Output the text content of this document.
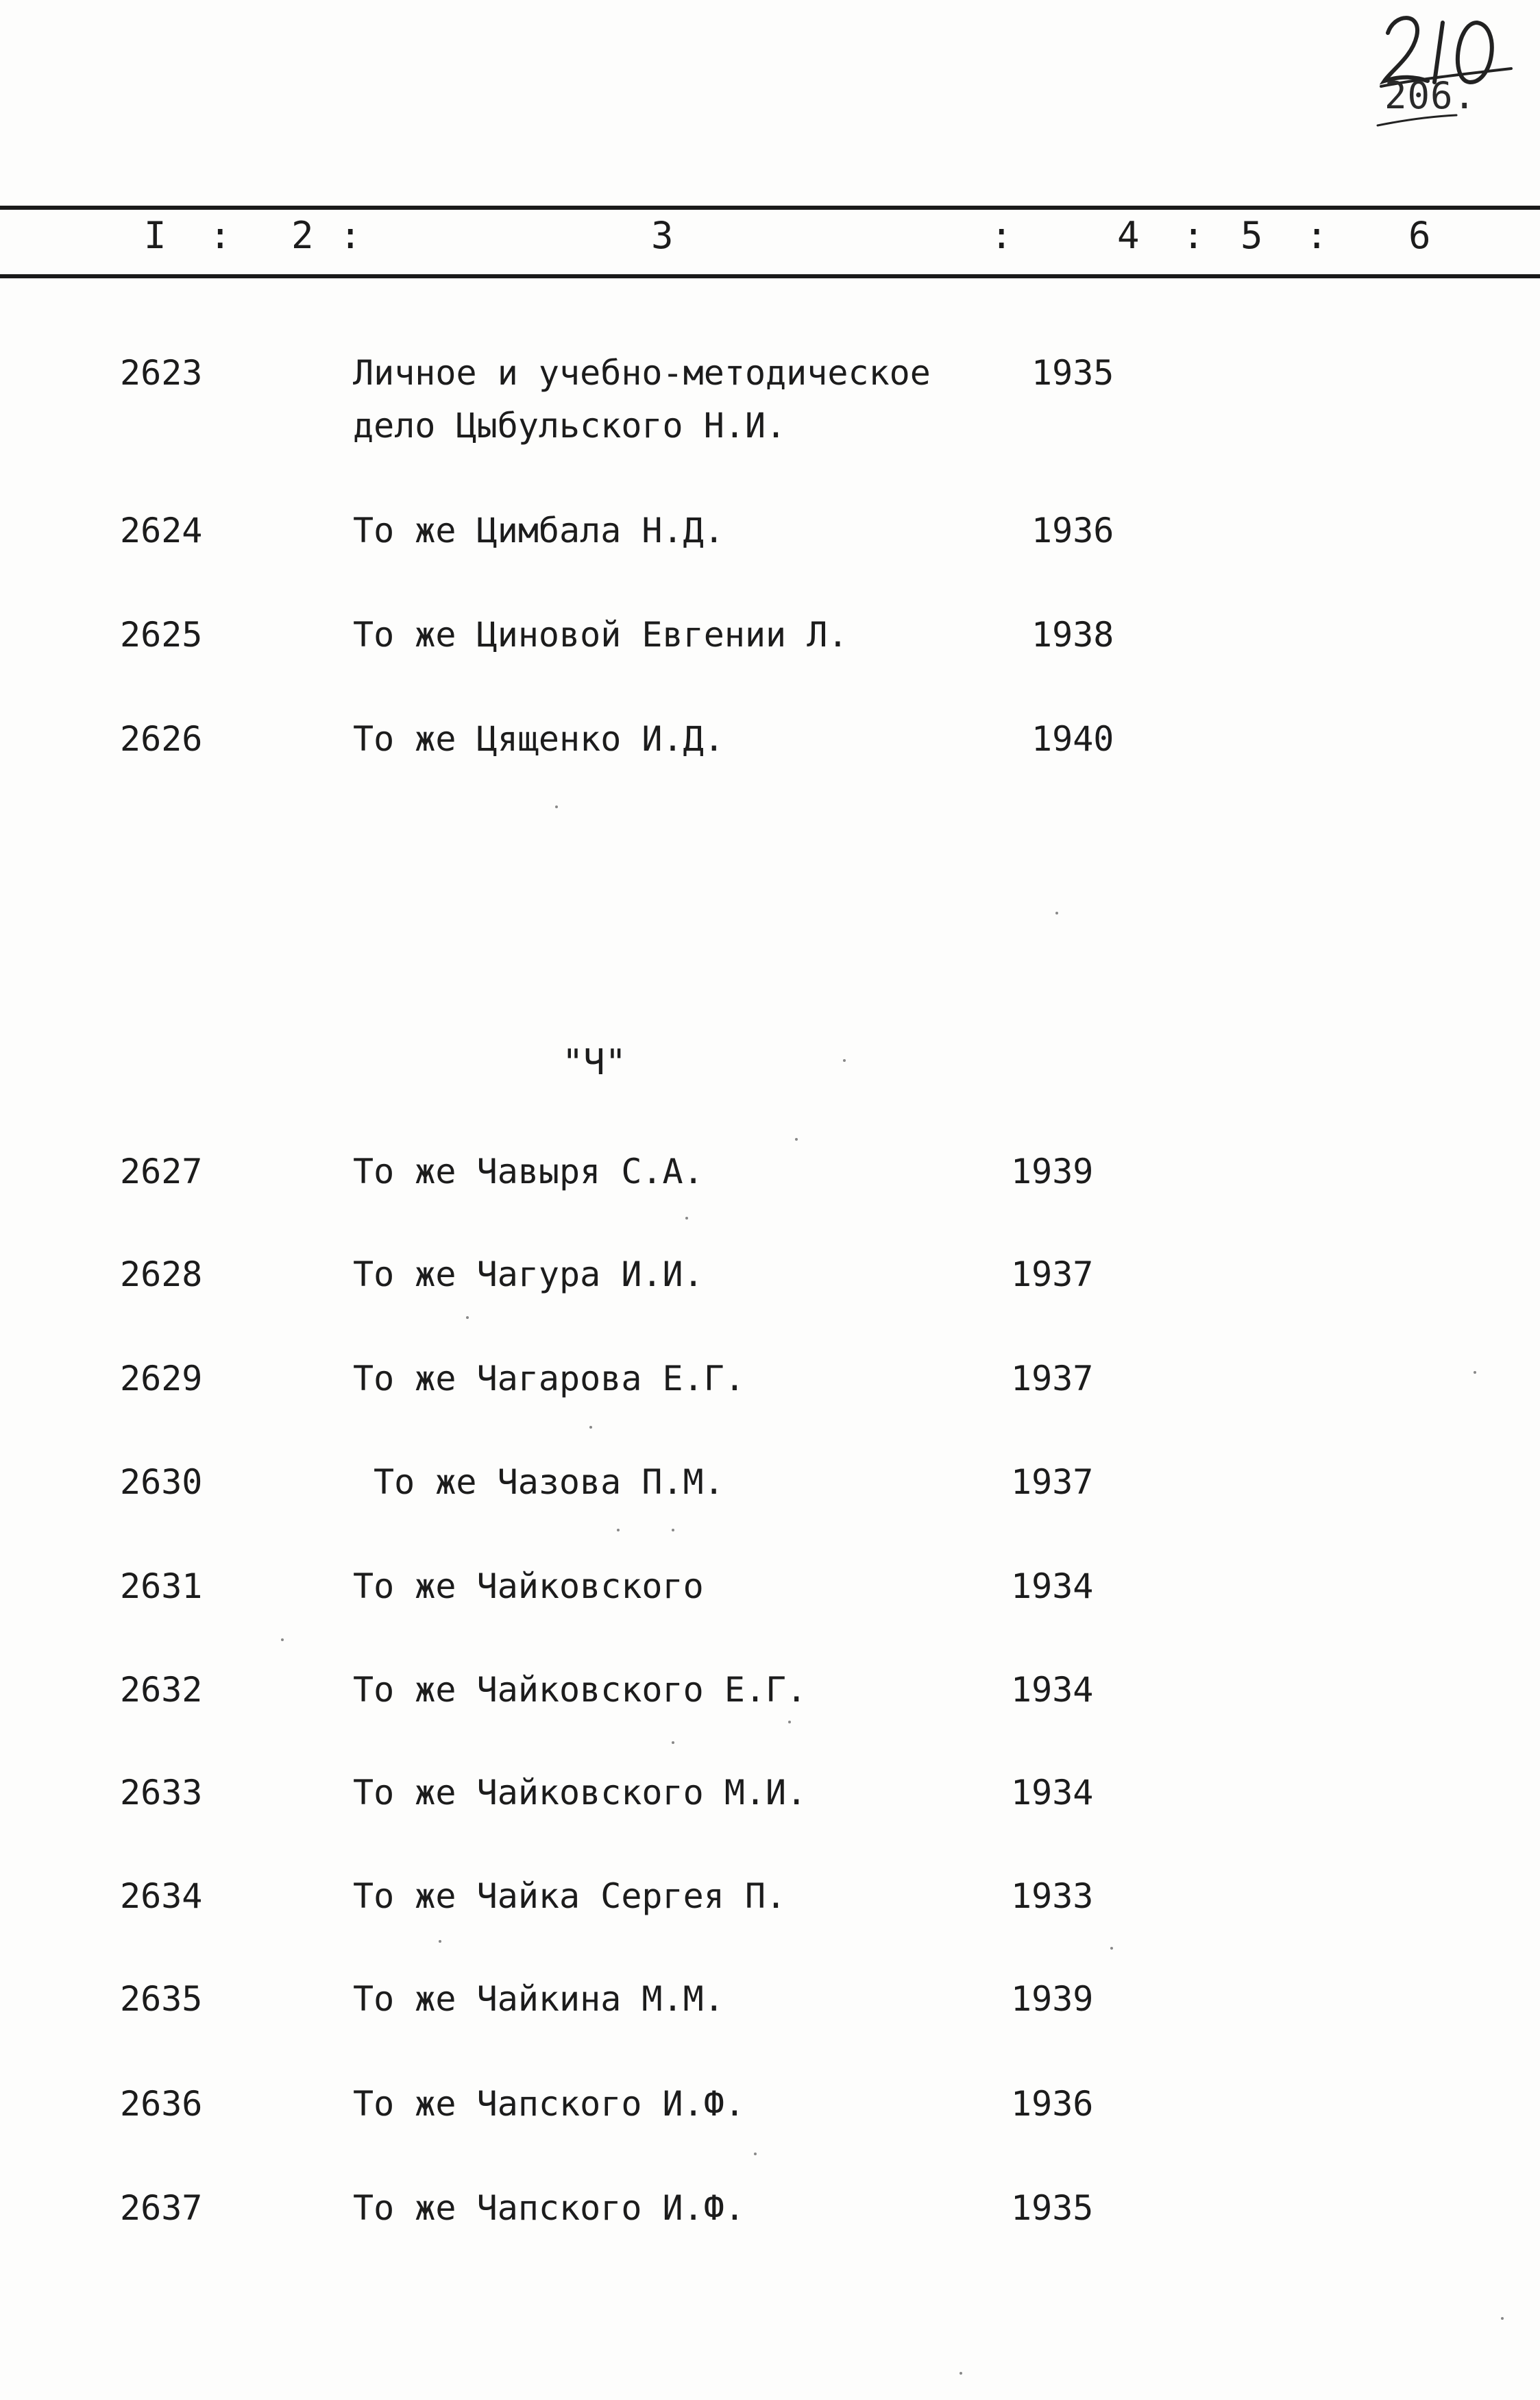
206.
I : 2 :	3	:	4 : 5 : 6
2623	Личное и учебно-методическое	1935
дело Цыбульского Н.И.
2624	То же Цимбала Н.Д.	1936
2625	То же Циновой Евгении Л.	1938
2626	То же Цященко И.Д.	1940
"Ч"
2627	То же Чавыря С.А.	1939
2628	То же Чагура И.И.	1937
2629	То же Чагарова Е.Г.	1937
2630	То же Чазова П.М.	1937
2631	То же Чайковского	1934
2632	То же Чайковского Е.Г.	1934
2633	То же Чайковского М.И.	1934
2634	То же Чайка Сергея П.	1933
2635	То же Чайкина М.М.	1939
2636	То же Чапского И.Ф.	1936
2637	То же Чапского И.Ф.	1935
